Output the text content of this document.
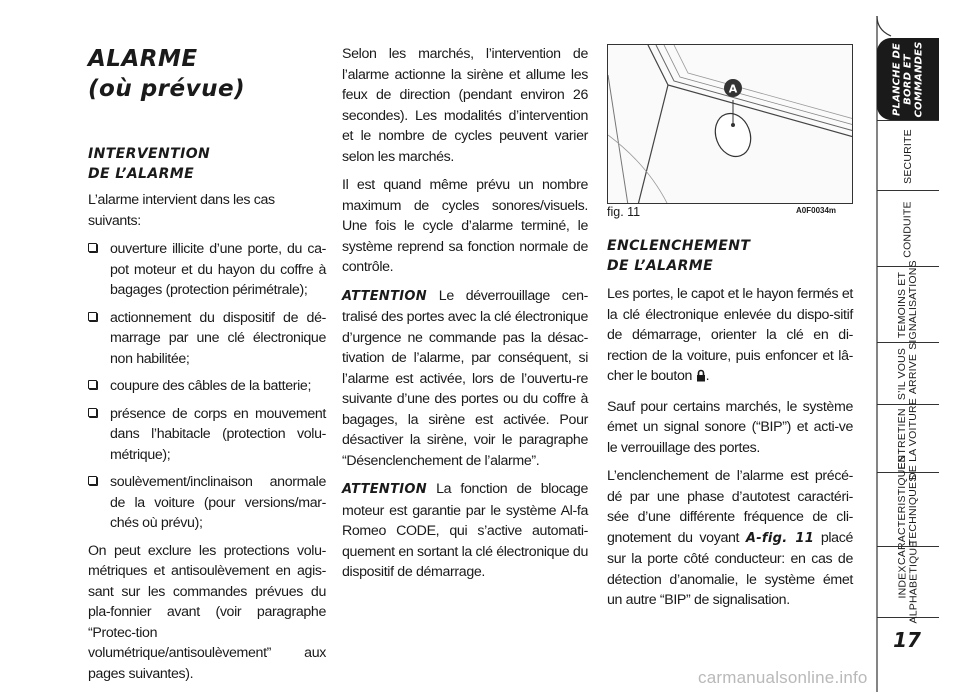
ALARME
(où prévue)
INTERVENTION
DE L’ALARME

L’alarme intervient dans les cas suivants:

ouverture illicite d’une porte, du ca-pot moteur et du hayon du coffre à bagages (protection périmétrale);
actionnement du dispositif de dé-marrage par une clé électronique non habilitée;
coupure des câbles de la batterie;
présence de corps en mouvement dans l’habitacle (protection volu-métrique);
soulèvement/inclinaison anormale de la voiture (pour versions/mar-chés où prévu);

On peut exclure les protections volu-métriques et antisoulèvement en agis-sant sur les commandes prévues du pla-fonnier avant (voir paragraphe “Protec-tion volumétrique/antisoulèvement” aux pages suivantes).

Selon les marchés, l’intervention de l’alarme actionne la sirène et allume les feux de direction (pendant environ 26 secondes). Les modalités d’intervention et le nombre de cycles peuvent varier selon les marchés.

Il est quand même prévu un nombre maximum de cycles sonores/visuels. Une fois le cycle d’alarme terminé, le système reprend sa fonction normale de contrôle.

ATTENTION Le déverrouillage cen-tralisé des portes avec la clé électronique d’urgence ne commande pas la désac-tivation de l’alarme, par conséquent, si l’alarme est activée, lors de l’ouvertu-re suivante d’une des portes ou du coffre à bagages, la sirène est activée. Pour désactiver la sirène, voir le paragraphe “Désenclenchement de l’alarme”.

ATTENTION La fonction de blocage moteur est garantie par le système Al-fa Romeo CODE, qui s’active automati-quement en sortant la clé électronique du dispositif de démarrage.

A
fig. 11	A0F0034m
ENCLENCHEMENT
DE L’ALARME

Les portes, le capot et le hayon fermés et la clé électronique enlevée du dispo-sitif de démarrage, orienter la clé en di-rection de la voiture, puis enfoncer et lâ-cher le bouton .

Sauf pour certains marchés, le système émet un signal sonore (“BIP”) et acti-ve le verrouillage des portes.

L’enclenchement de l’alarme est précé-dé par une phase d’autotest caractéri-sée d’une différente fréquence de cli-gnotement du voyant A-fig. 11 placé sur la porte côté conducteur: en cas de détection d’anomalie, le système émet un autre “BIP” de signalisation.

PLANCHE DE
BORD ET
COMMANDES
SECURITE
CONDUITE
TEMOINS ET
SIGNALISATIONS
S’IL VOUS
ARRIVE
ENTRETIEN
DE LA VOITURE
CARACTERISTIQUES
TECHNIQUES
INDEX
ALPHABETIQUE
17
carmanualsonline.info
